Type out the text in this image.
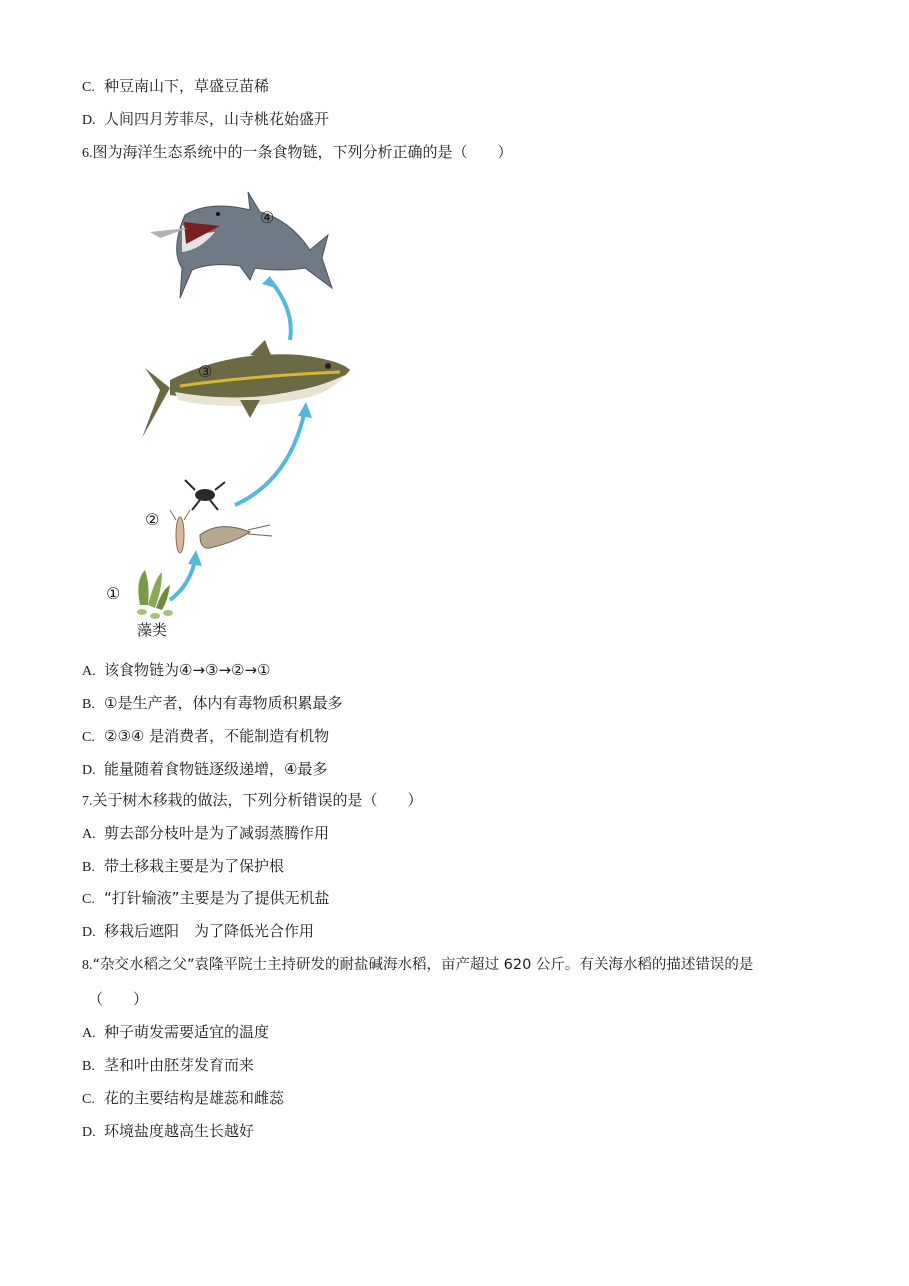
C. 种豆南山下，草盛豆苗稀
D. 人间四月芳菲尽，山寺桃花始盛开
6.图为海洋生态系统中的一条食物链，下列分析正确的是（　　）
④
③
②
①
藻类
A. 该食物链为④→③→②→①
B. ①是生产者，体内有毒物质积累最多
C. ②③④ 是消费者，不能制造有机物
D. 能量随着食物链逐级递增，④最多
7.关于树木移栽的做法，下列分析错误的是（　　）
A. 剪去部分枝叶是为了减弱蒸腾作用
B. 带土移栽主要是为了保护根
C. “打针输液”主要是为了提供无机盐
D. 移栽后遮阳　为了降低光合作用
8.“杂交水稻之父”袁隆平院士主持研发的耐盐碱海水稻，亩产超过 620 公斤。有关海水稻的描述错误的是
（　　）
A. 种子萌发需要适宜的温度
B. 茎和叶由胚芽发育而来
C. 花的主要结构是雄蕊和雌蕊
D. 环境盐度越高生长越好
